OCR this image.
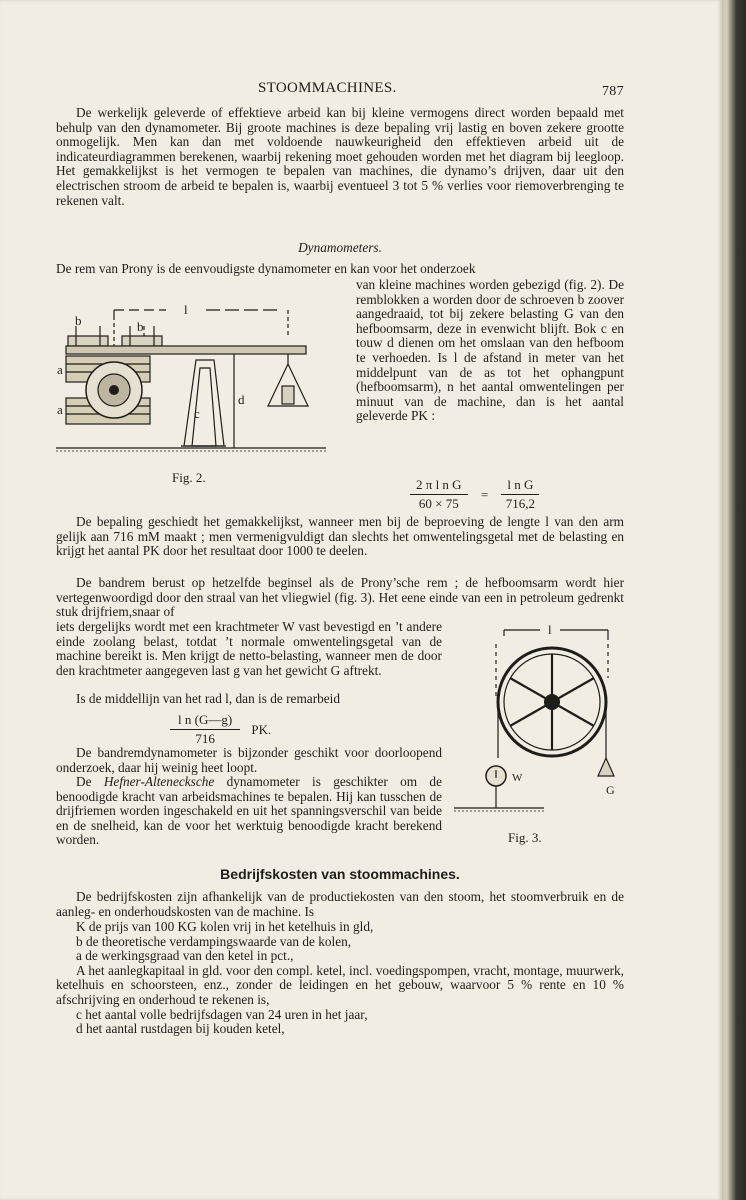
STOOMMACHINES.	787

De werkelijk geleverde of effektieve arbeid kan bij kleine vermogens direct worden bepaald met behulp van den dynamometer. Bij groote machines is deze bepaling vrij lastig en boven zekere grootte onmogelijk. Men kan dan met voldoende nauwkeurigheid den effektieven arbeid uit de indicateurdiagrammen berekenen, waarbij rekening moet gehouden worden met het diagram bij leegloop. Het gemakkelijkst is het vermogen te bepalen van machines, die dynamo’s drijven, daar uit den electrischen stroom de arbeid te bepalen is, waarbij eventueel 3 tot 5 % verlies voor riemoverbrenging te rekenen valt.

Dynamometers.
De rem van Prony is de eenvoudigste dynamometer en kan voor het onderzoek
van kleine machines worden gebezigd (fig. 2). De remblokken a worden door de schroeven b zoover aangedraaid, tot bij zekere belasting G van den hefboomsarm, deze in evenwicht blijft. Bok c en touw d dienen om het omslaan van den hefboom te verhoeden. Is l de afstand in meter van het middelpunt van de as tot het ophangpunt (hefboomsarm), n het aantal omwentelingen per minuut van de machine, dan is het aantal geleverde PK :
$\frac{\text{2 π l n G}}{60 \times 75} = \frac{\text{l n G}}{716,2}$
l
b	b
a
a	c
d
Fig. 2.
De bepaling geschiedt het gemakkelijkst, wanneer men bij de beproeving de lengte l van den arm gelijk aan 716 mM maakt ; men vermenigvuldigt dan slechts het omwentelingsgetal met de belasting en krijgt het aantal PK door het resultaat door 1000 te deelen.
De bandrem berust op hetzelfde beginsel als de Prony’sche rem ; de hefboomsarm wordt hier vertegenwoordigd door den straal van het vliegwiel (fig. 3). Het eene einde van een in petroleum gedrenkt stuk drijfriem,snaar of
iets dergelijks wordt met een krachtmeter W vast bevestigd en ’t andere einde zoolang belast, totdat ’t normale omwentelingsgetal van de machine bereikt is. Men krijgt de netto-belasting, wanneer men de door den krachtmeter aangegeven last g van het gewicht G aftrekt.
Is de middellijn van het rad l, dan is de remarbeid
$\frac{\text{l n (G—g)}}{716}$ PK.
De bandremdynamometer is bijzonder geschikt voor doorloopend onderzoek, daar hij weinig heet loopt.
De Hefner-Altenecksche dynamometer is geschikter om de benoodigde kracht van arbeidsmachines te bepalen. Hij kan tusschen de drijfriemen worden ingeschakeld en uit het spanningsverschil van beide en de snelheid, kan de voor het werktuig benoodigde kracht berekend worden.
l
W
G
Fig. 3.
Bedrijfskosten van stoommachines.
De bedrijfskosten zijn afhankelijk van de productiekosten van den stoom, het stoomverbruik en de aanleg- en onderhoudskosten van de machine. Is
K de prijs van 100 KG kolen vrij in het ketelhuis in gld,
b de theoretische verdampingswaarde van de kolen,
a de werkingsgraad van den ketel in pct.,
A het aanlegkapitaal in gld. voor den compl. ketel, incl. voedingspompen, vracht, montage, muurwerk, ketelhuis en schoorsteen, enz., zonder de leidingen en het gebouw, waarvoor 5 % rente en 10 % afschrijving en onderhoud te rekenen is,
c het aantal volle bedrijfsdagen van 24 uren in het jaar,
d het aantal rustdagen bij kouden ketel,
